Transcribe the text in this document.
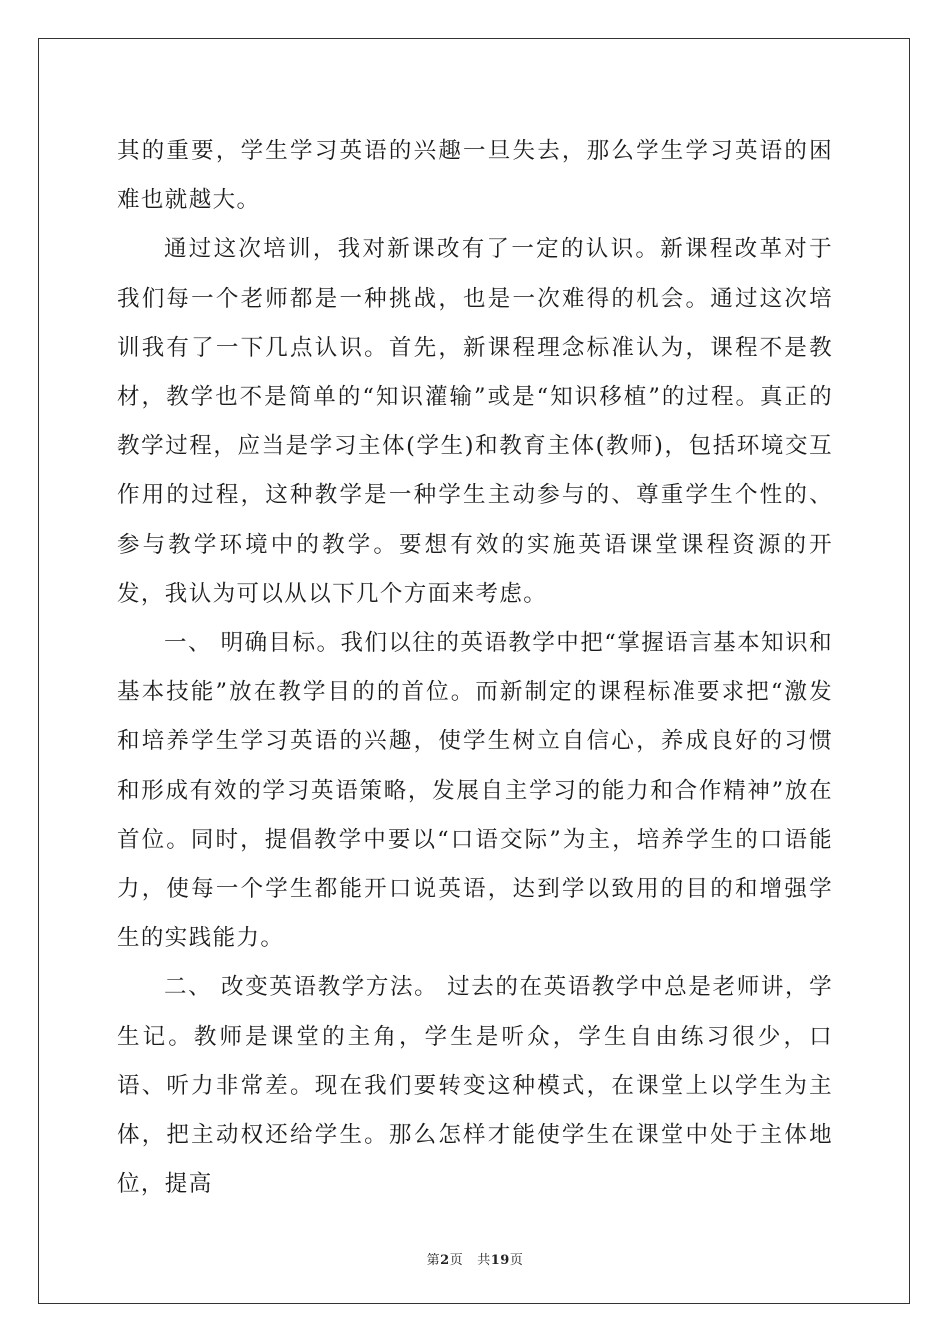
其的重要，学生学习英语的兴趣一旦失去，那么学生学习英语的困难也就越大。

通过这次培训，我对新课改有了一定的认识。新课程改革对于我们每一个老师都是一种挑战，也是一次难得的机会。通过这次培训我有了一下几点认识。首先，新课程理念标准认为，课程不是教材，教学也不是简单的“知识灌输”或是“知识移植”的过程。真正的教学过程，应当是学习主体(学生)和教育主体(教师)，包括环境交互作用的过程，这种教学是一种学生主动参与的、尊重学生个性的、参与教学环境中的教学。要想有效的实施英语课堂课程资源的开发，我认为可以从以下几个方面来考虑。

一、 明确目标。我们以往的英语教学中把“掌握语言基本知识和基本技能”放在教学目的的首位。而新制定的课程标准要求把“激发和培养学生学习英语的兴趣，使学生树立自信心，养成良好的习惯和形成有效的学习英语策略，发展自主学习的能力和合作精神”放在首位。同时，提倡教学中要以“口语交际”为主，培养学生的口语能力，使每一个学生都能开口说英语，达到学以致用的目的和增强学生的实践能力。

二、 改变英语教学方法。 过去的在英语教学中总是老师讲，学生记。教师是课堂的主角，学生是听众，学生自由练习很少，口语、听力非常差。现在我们要转变这种模式，在课堂上以学生为主体，把主动权还给学生。那么怎样才能使学生在课堂中处于主体地位，提高

第2页 共19页
